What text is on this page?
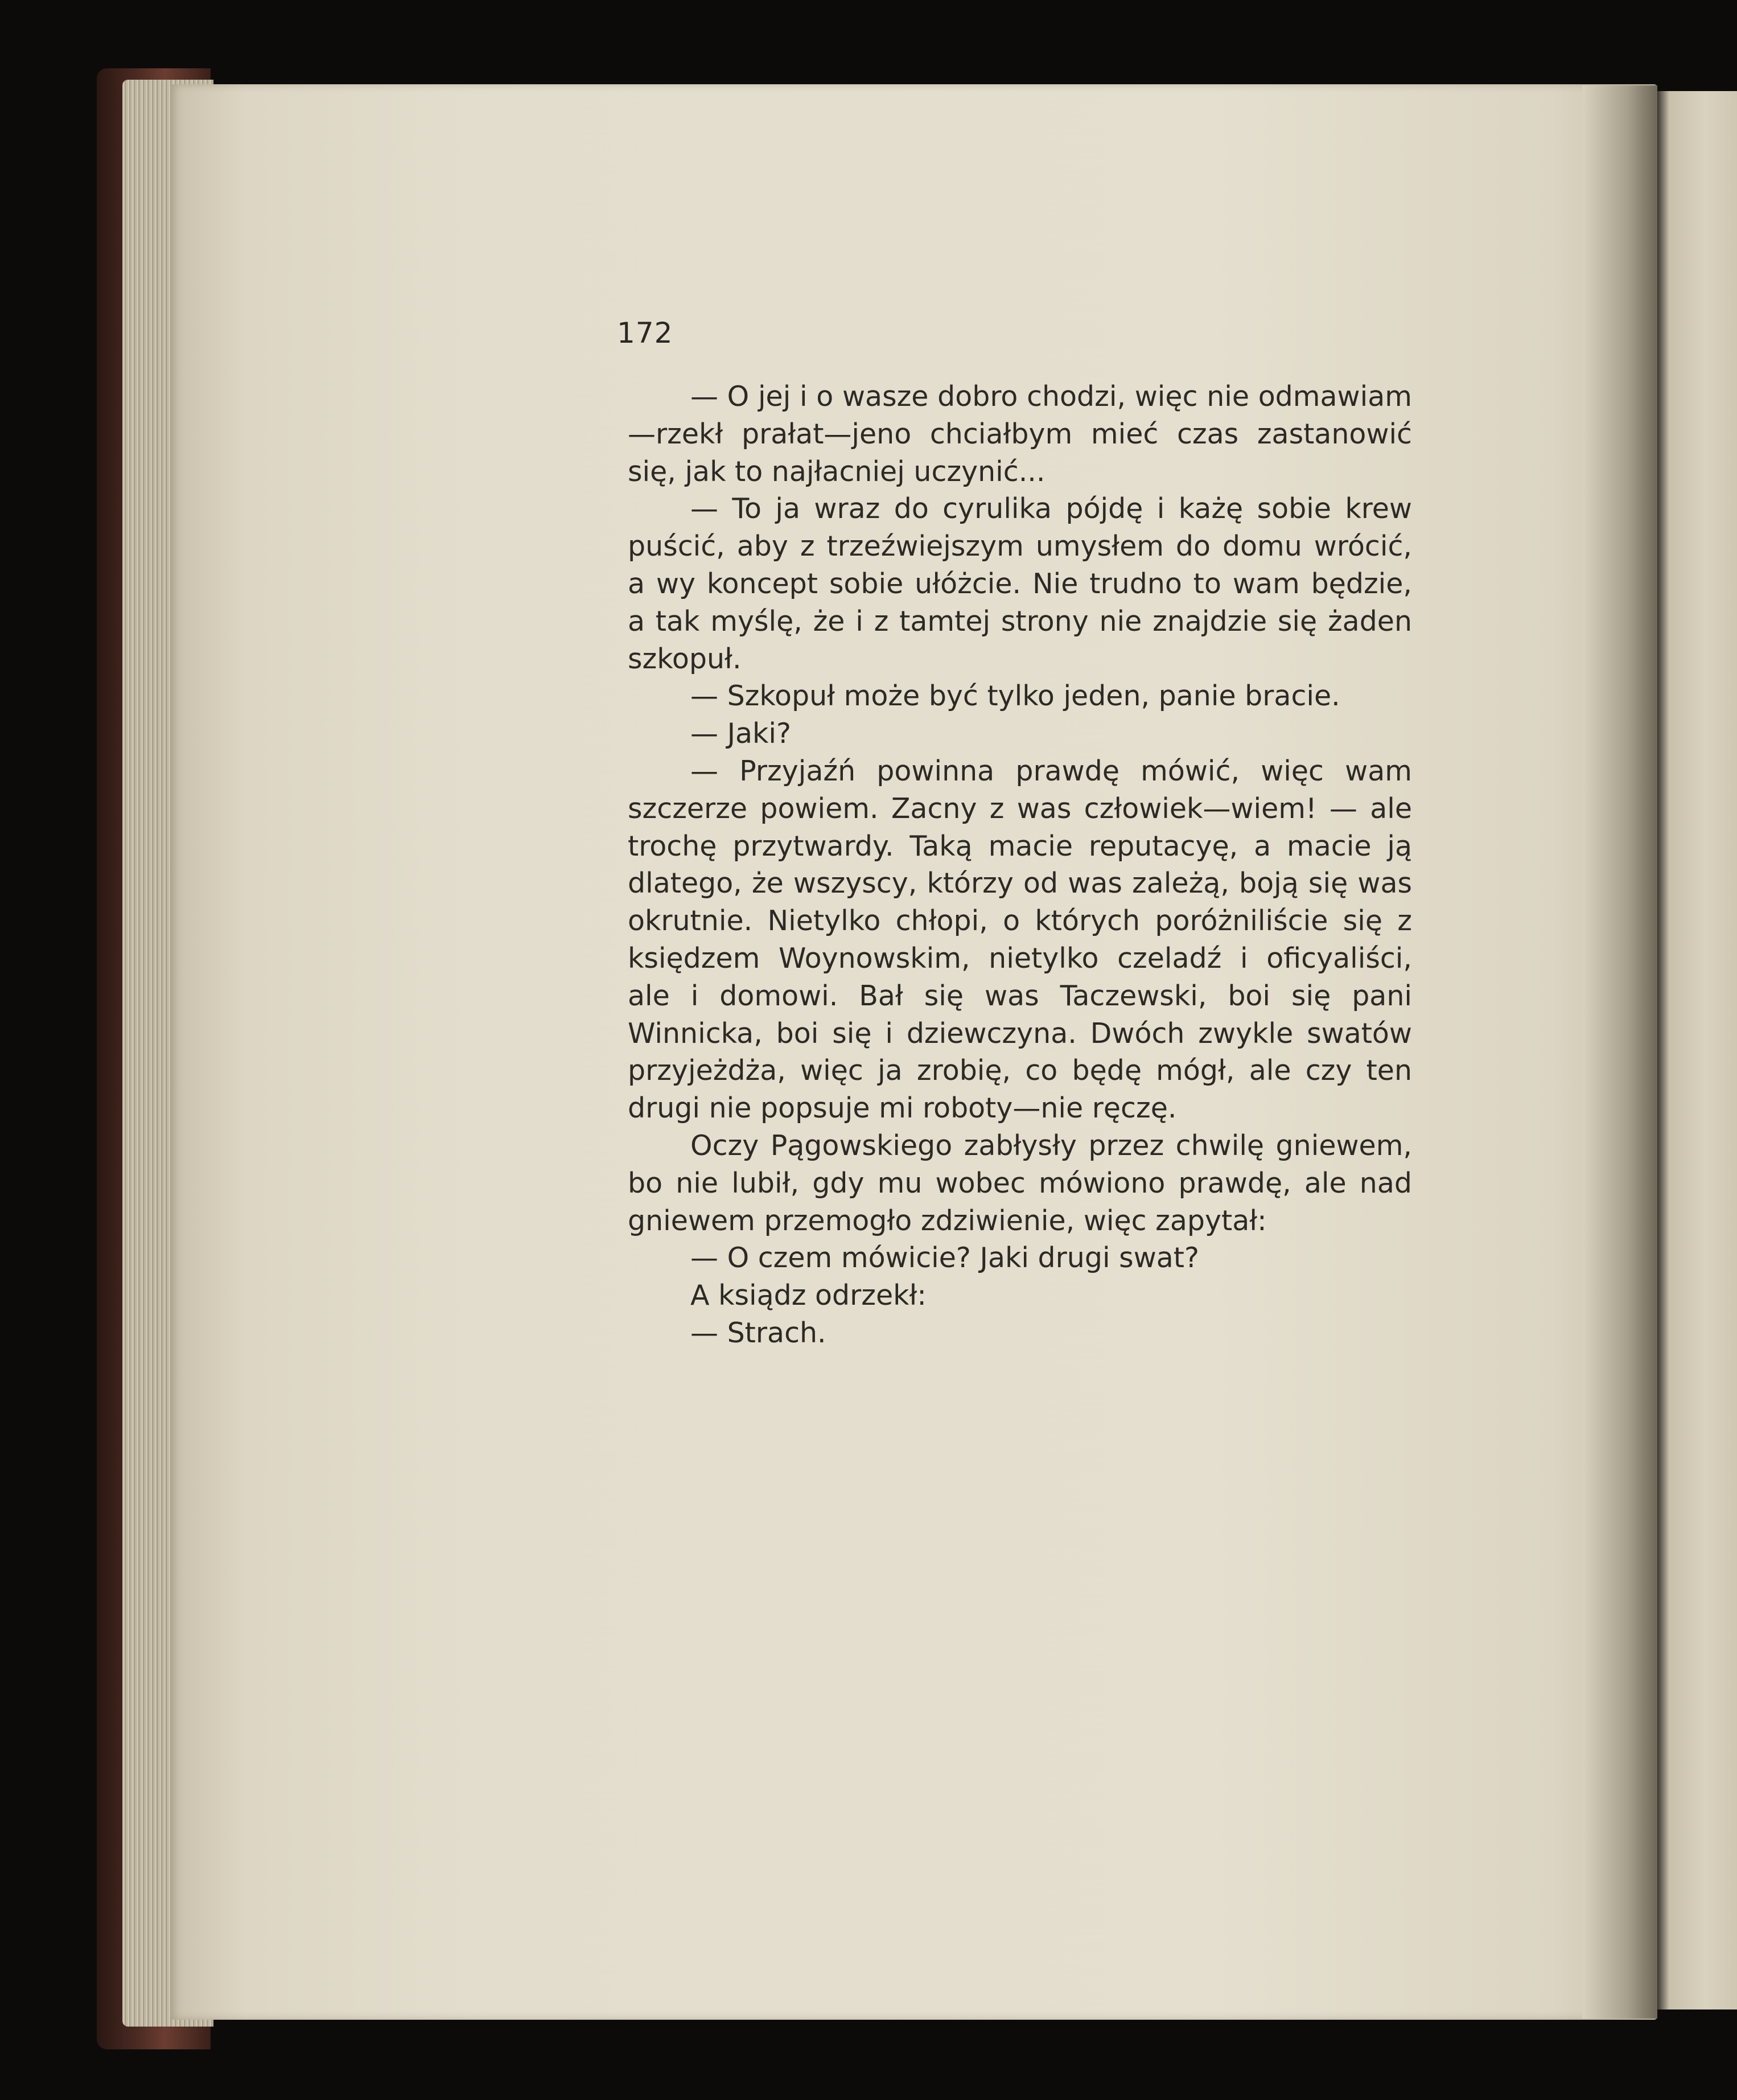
172

— O jej i o wasze dobro chodzi, więc nie odmawiam—rzekł prałat—jeno chciałbym mieć czas zastanowić się, jak to najłacniej uczynić...

— To ja wraz do cyrulika pójdę i każę sobie krew puścić, aby z trzeźwiejszym umysłem do domu wrócić, a wy koncept sobie ułóżcie. Nie trudno to wam będzie, a tak myślę, że i z tamtej strony nie znajdzie się żaden szkopuł.

— Szkopuł może być tylko jeden, panie bracie.

— Jaki?

— Przyjaźń powinna prawdę mówić, więc wam szczerze powiem. Zacny z was człowiek—wiem! — ale trochę przytwardy. Taką macie reputacyę, a macie ją dlatego, że wszyscy, którzy od was zależą, boją się was okrutnie. Nietylko chłopi, o których poróżniliście się z księdzem Woynowskim, nietylko czeladź i oficyaliści, ale i domowi. Bał się was Taczewski, boi się pani Winnicka, boi się i dziewczyna. Dwóch zwykle swatów przyjeżdża, więc ja zrobię, co będę mógł, ale czy ten drugi nie popsuje mi roboty—nie ręczę.

Oczy Pągowskiego zabłysły przez chwilę gniewem, bo nie lubił, gdy mu wobec mówiono prawdę, ale nad gniewem przemogło zdziwienie, więc zapytał:

— O czem mówicie? Jaki drugi swat?

A ksiądz odrzekł:

— Strach.
